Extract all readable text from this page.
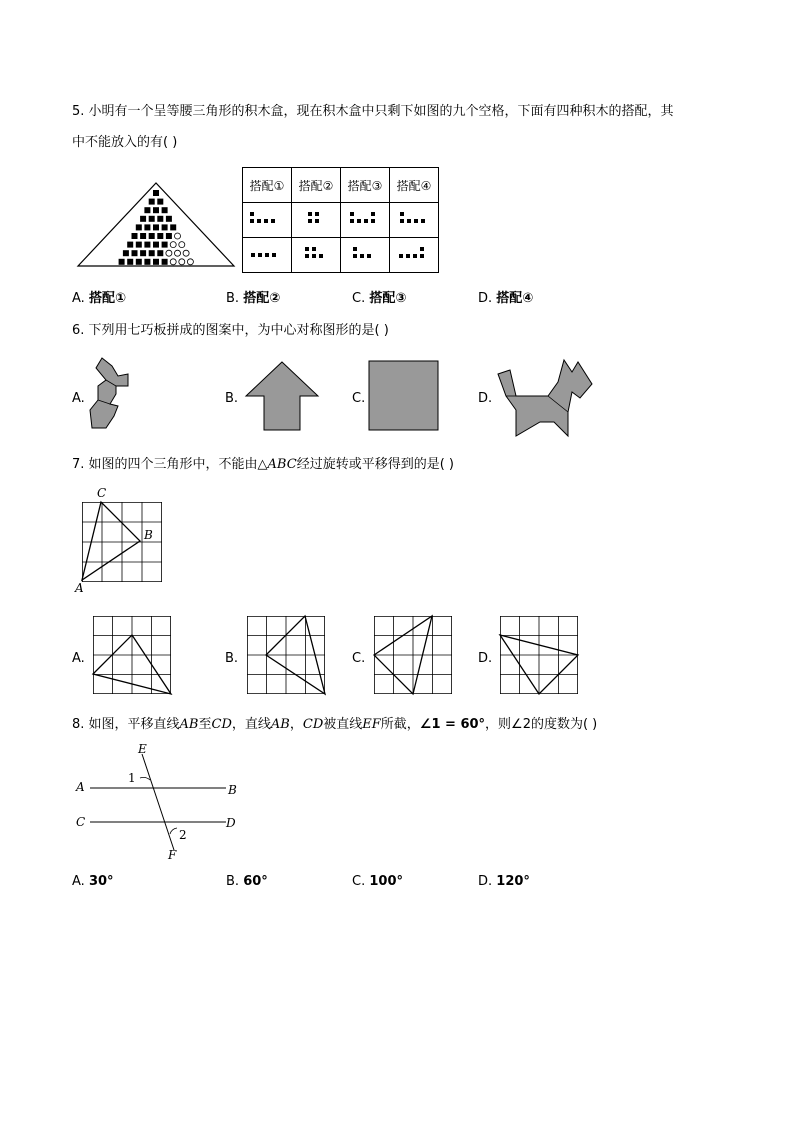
5. 小明有一个呈等腰三角形的积木盒，现在积木盒中只剩下如图的九个空格，下面有四种积木的搭配，其
中不能放入的有( )
搭配①	搭配②	搭配③	搭配④

A. 搭配①	B. 搭配②	C. 搭配③	D. 搭配④
6. 下列用七巧板拼成的图案中，为中心对称图形的是( )
A.	B.	C.	D.
7. 如图的四个三角形中，不能由△ABC经过旋转或平移得到的是( )
C
B
A
A.	B.	C.	D.
8. 如图，平移直线AB至CD，直线AB，CD被直线EF所截，∠1 = 60°，则∠2的度数为( )
E
A	B
C	D
F
1
2
A. 30°	B. 60°	C. 100°	D. 120°
